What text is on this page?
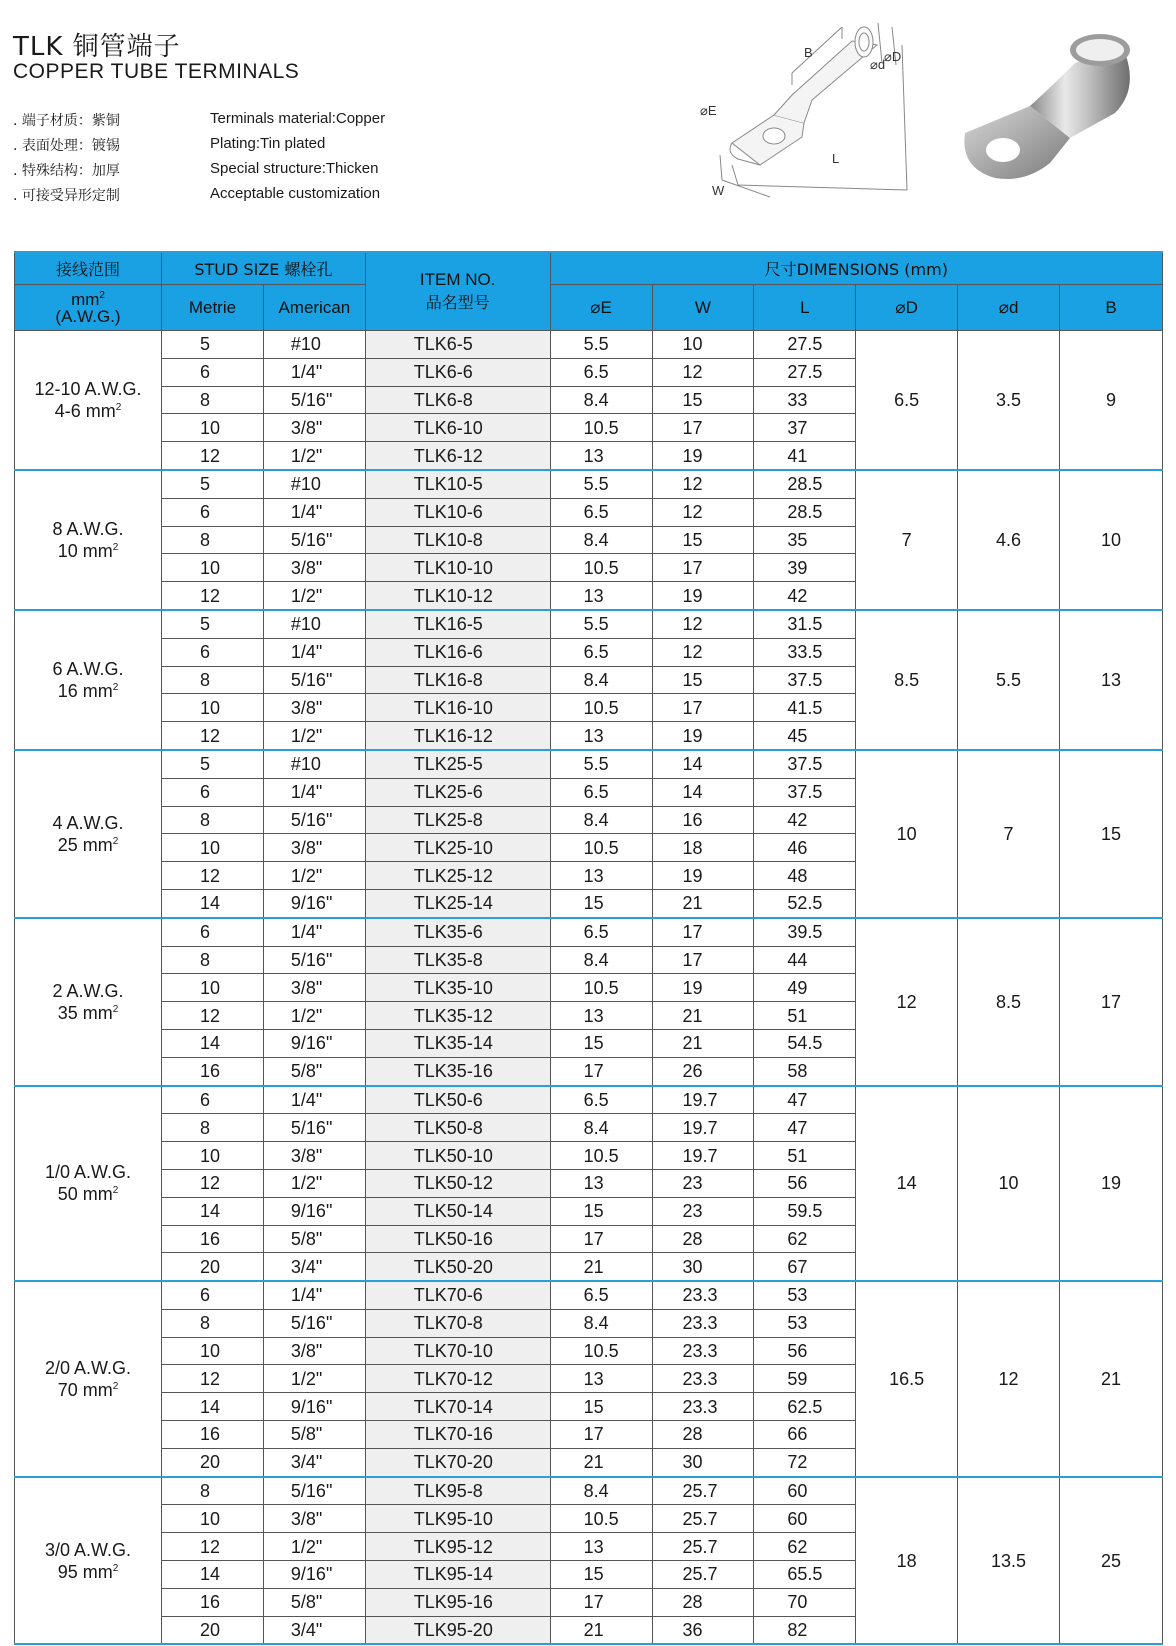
TLK 铜管端子
COPPER TUBE TERMINALS
. 端子材质：紫铜	Terminals material:Copper
. 表面处理：镀锡	Plating:Tin plated
. 特殊结构：加厚	Special structure:Thicken
. 可接受异形定制	Acceptable customization
B
⌀d
⌀D
⌀E
L
W
接线范围	STUD SIZE 螺栓孔		ITEM NO.
品名型号	尺寸DIMENSIONS (mm)					
$mm^2$
(A.W.G.)	Metrie	American		⌀E	W	L	⌀D	⌀d	B

12-10 A.W.G.
4-6 $mm^2$	5	#10	TLK6-5	5.5	10	27.5	6.5	3.5	9
	6	1/4"	TLK6-6	6.5	12	27.5			
	8	5/16"	TLK6-8	8.4	15	33			
	10	3/8"	TLK6-10	10.5	17	37			
	12	1/2"	TLK6-12	13	19	41			

8 A.W.G.
10 $mm^2$	5	#10	TLK10-5	5.5	12	28.5	7	4.6	10
	6	1/4"	TLK10-6	6.5	12	28.5			
	8	5/16"	TLK10-8	8.4	15	35			
	10	3/8"	TLK10-10	10.5	17	39			
	12	1/2"	TLK10-12	13	19	42			

6 A.W.G.
16 $mm^2$	5	#10	TLK16-5	5.5	12	31.5	8.5	5.5	13
	6	1/4"	TLK16-6	6.5	12	33.5			
	8	5/16"	TLK16-8	8.4	15	37.5			
	10	3/8"	TLK16-10	10.5	17	41.5			
	12	1/2"	TLK16-12	13	19	45			

4 A.W.G.
25 $mm^2$	5	#10	TLK25-5	5.5	14	37.5	10	7	15
	6	1/4"	TLK25-6	6.5	14	37.5			
	8	5/16"	TLK25-8	8.4	16	42			
	10	3/8"	TLK25-10	10.5	18	46			
	12	1/2"	TLK25-12	13	19	48			
	14	9/16"	TLK25-14	15	21	52.5			

2 A.W.G.
35 $mm^2$	6	1/4"	TLK35-6	6.5	17	39.5	12	8.5	17
	8	5/16"	TLK35-8	8.4	17	44			
	10	3/8"	TLK35-10	10.5	19	49			
	12	1/2"	TLK35-12	13	21	51			
	14	9/16"	TLK35-14	15	21	54.5			
	16	5/8"	TLK35-16	17	26	58			

1/0 A.W.G.
50 $mm^2$	6	1/4"	TLK50-6	6.5	19.7	47	14	10	19
	8	5/16"	TLK50-8	8.4	19.7	47			
	10	3/8"	TLK50-10	10.5	19.7	51			
	12	1/2"	TLK50-12	13	23	56			
	14	9/16"	TLK50-14	15	23	59.5			
	16	5/8"	TLK50-16	17	28	62			
	20	3/4"	TLK50-20	21	30	67			

2/0 A.W.G.
70 $mm^2$	6	1/4"	TLK70-6	6.5	23.3	53	16.5	12	21
	8	5/16"	TLK70-8	8.4	23.3	53			
	10	3/8"	TLK70-10	10.5	23.3	56			
	12	1/2"	TLK70-12	13	23.3	59			
	14	9/16"	TLK70-14	15	23.3	62.5			
	16	5/8"	TLK70-16	17	28	66			
	20	3/4"	TLK70-20	21	30	72			

3/0 A.W.G.
95 $mm^2$	8	5/16"	TLK95-8	8.4	25.7	60	18	13.5	25
	10	3/8"	TLK95-10	10.5	25.7	60			
	12	1/2"	TLK95-12	13	25.7	62			
	14	9/16"	TLK95-14	15	25.7	65.5			
	16	5/8"	TLK95-16	17	28	70			
	20	3/4"	TLK95-20	21	36	82			
